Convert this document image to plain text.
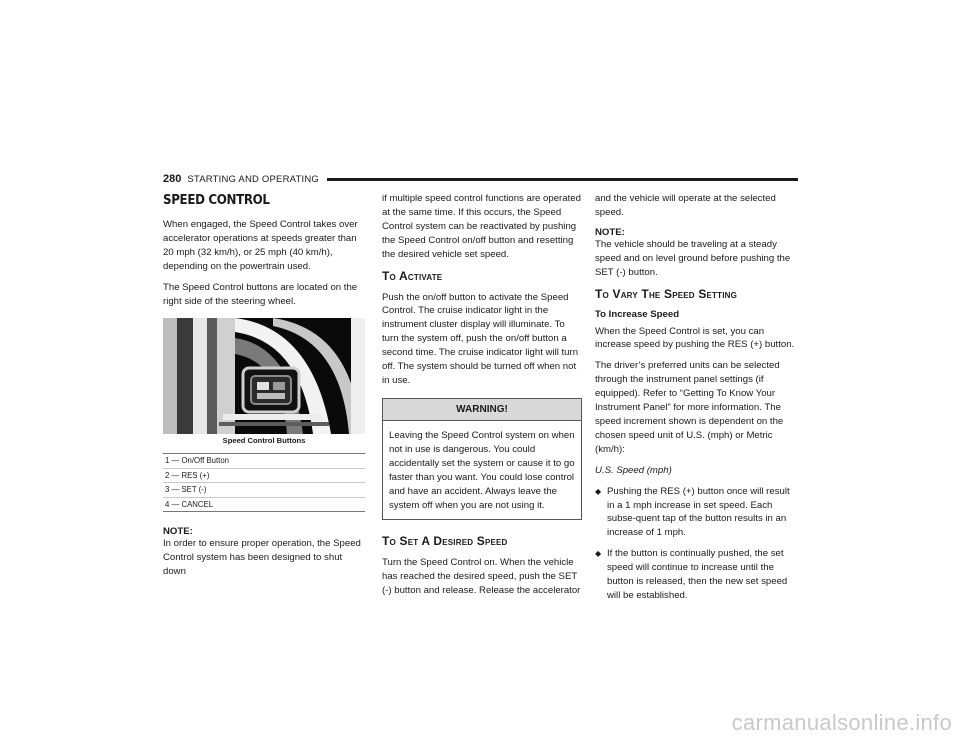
280 STARTING AND OPERATING
SPEED CONTROL

When engaged, the Speed Control takes over accelerator operations at speeds greater than 20 mph (32 km/h), or 25 mph (40 km/h), depending on the powertrain used.

The Speed Control buttons are located on the right side of the steering wheel.

Speed Control Buttons
1 — On/Off Button
2 — RES (+)
3 — SET (-)
4 — CANCEL
NOTE:

In order to ensure proper operation, the Speed Control system has been designed to shut down

if multiple speed control functions are operated at the same time. If this occurs, the Speed Control system can be reactivated by pushing the Speed Control on/off button and resetting the desired vehicle set speed.

To Activate

Push the on/off button to activate the Speed Control. The cruise indicator light in the instrument cluster display will illuminate. To turn the system off, push the on/off button a second time. The cruise indicator light will turn off. The system should be turned off when not in use.

WARNING!
Leaving the Speed Control system on when not in use is dangerous. You could accidentally set the system or cause it to go faster than you want. You could lose control and have an accident. Always leave the system off when you are not using it.
To Set A Desired Speed

Turn the Speed Control on. When the vehicle has reached the desired speed, push the SET (-) button and release. Release the accelerator

and the vehicle will operate at the selected speed.

NOTE:

The vehicle should be traveling at a steady speed and on level ground before pushing the SET (-) button.

To Vary The Speed Setting
To Increase Speed

When the Speed Control is set, you can increase speed by pushing the RES (+) button.

The driver’s preferred units can be selected through the instrument panel settings (if equipped). Refer to “Getting To Know Your Instrument Panel” for more information. The speed increment shown is dependent on the chosen speed unit of U.S. (mph) or Metric (km/h):

U.S. Speed (mph)

◆ Pushing the RES (+) button once will result in a 1 mph increase in set speed. Each subse-quent tap of the button results in an increase of 1 mph.

◆ If the button is continually pushed, the set speed will continue to increase until the button is released, then the new set speed will be established.

carmanualsonline.info
